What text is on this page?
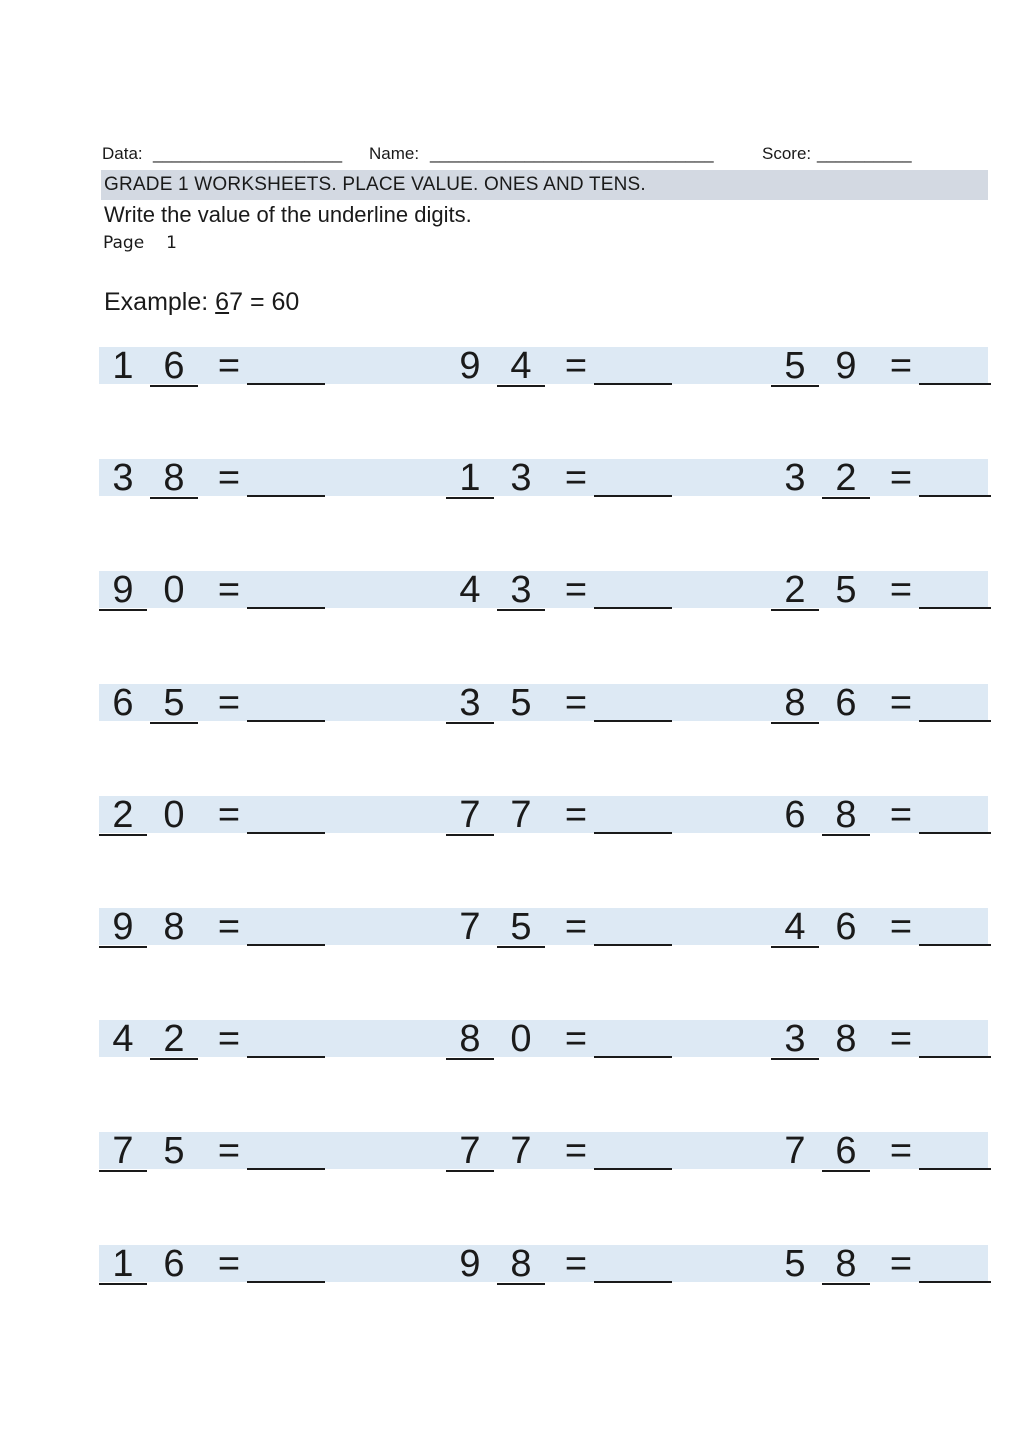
Data: ____________________ Name: ______________________________	Score: __________
GRADE 1 WORKSHEETS. PLACE VALUE. ONES AND TENS.
Write the value of the underline digits.
Page 1
Example: 67 = 60
1 6 =	9 4 =	5 9 =
3 8 =	1 3 =	3 2 =
9 0 =	4 3 =	2 5 =
6 5 =	3 5 =	8 6 =
2 0 =	7 7 =	6 8 =
9 8 =	7 5 =	4 6 =
4 2 =	8 0 =	3 8 =
7 5 =	7 7 =	7 6 =
1 6 =	9 8 =	5 8 =
